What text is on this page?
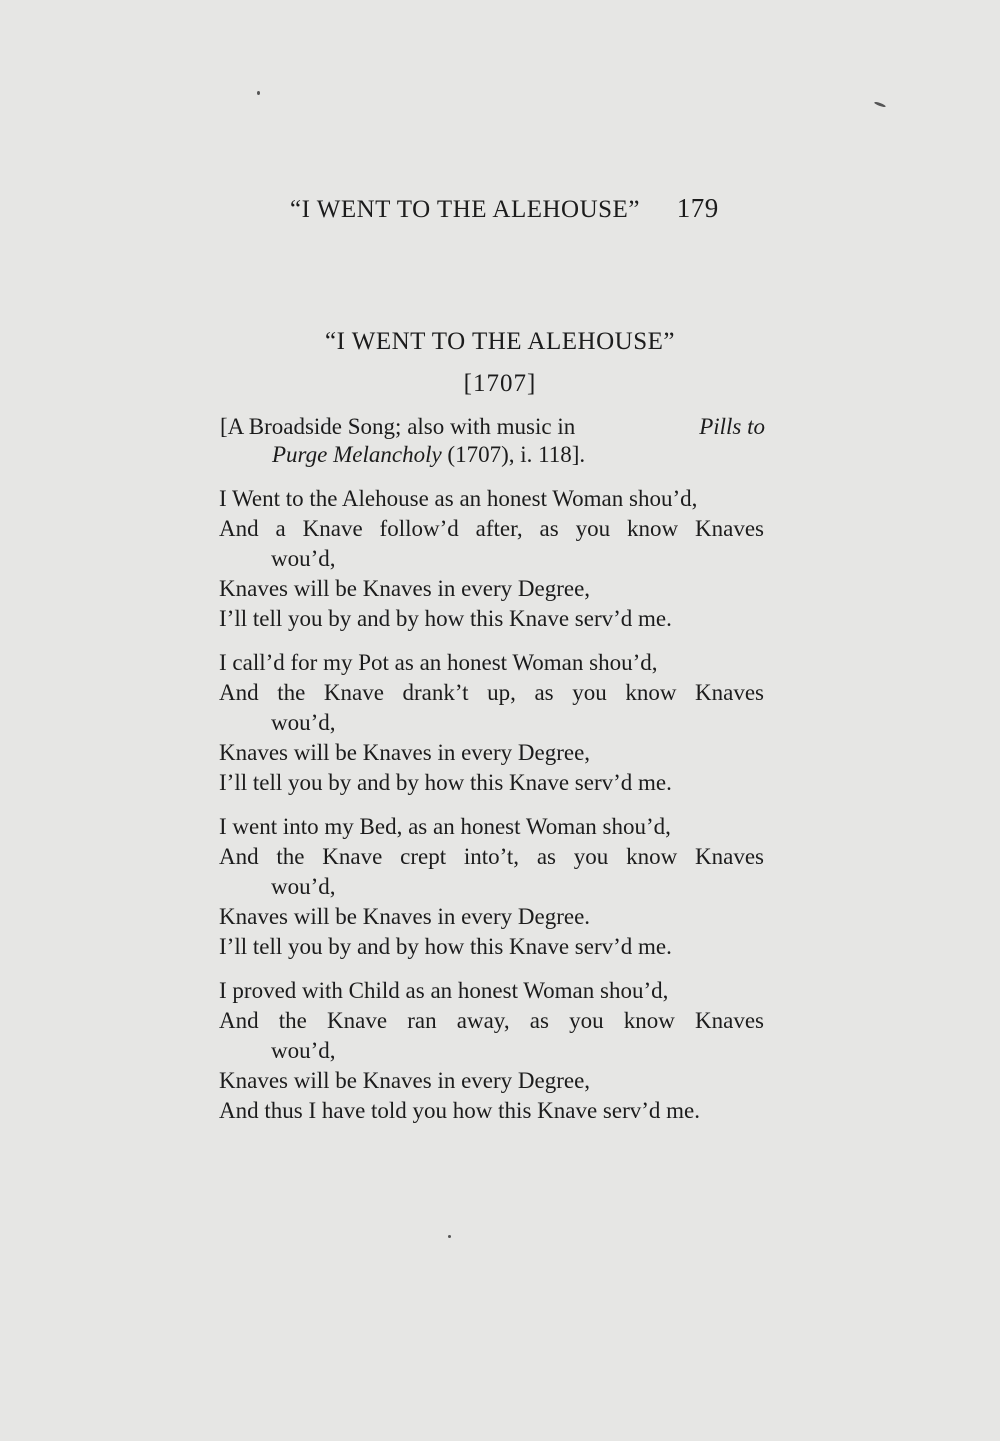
“I WENT TO THE ALEHOUSE” 179
“I WENT TO THE ALEHOUSE”
[1707]
[A Broadside Song; also with music in	Pills to
Purge Melancholy (1707), i. 118].
I Went to the Alehouse as an honest Woman shou’d,
And a Knave follow’d after, as you know Knaves
wou’d,
Knaves will be Knaves in every Degree,
I’ll tell you by and by how this Knave serv’d me.
I call’d for my Pot as an honest Woman shou’d,
And the Knave drank’t up, as you know Knaves
wou’d,
Knaves will be Knaves in every Degree,
I’ll tell you by and by how this Knave serv’d me.
I went into my Bed, as an honest Woman shou’d,
And the Knave crept into’t, as you know Knaves
wou’d,
Knaves will be Knaves in every Degree.
I’ll tell you by and by how this Knave serv’d me.
I proved with Child as an honest Woman shou’d,
And the Knave ran away, as you know Knaves
wou’d,
Knaves will be Knaves in every Degree,
And thus I have told you how this Knave serv’d me.
